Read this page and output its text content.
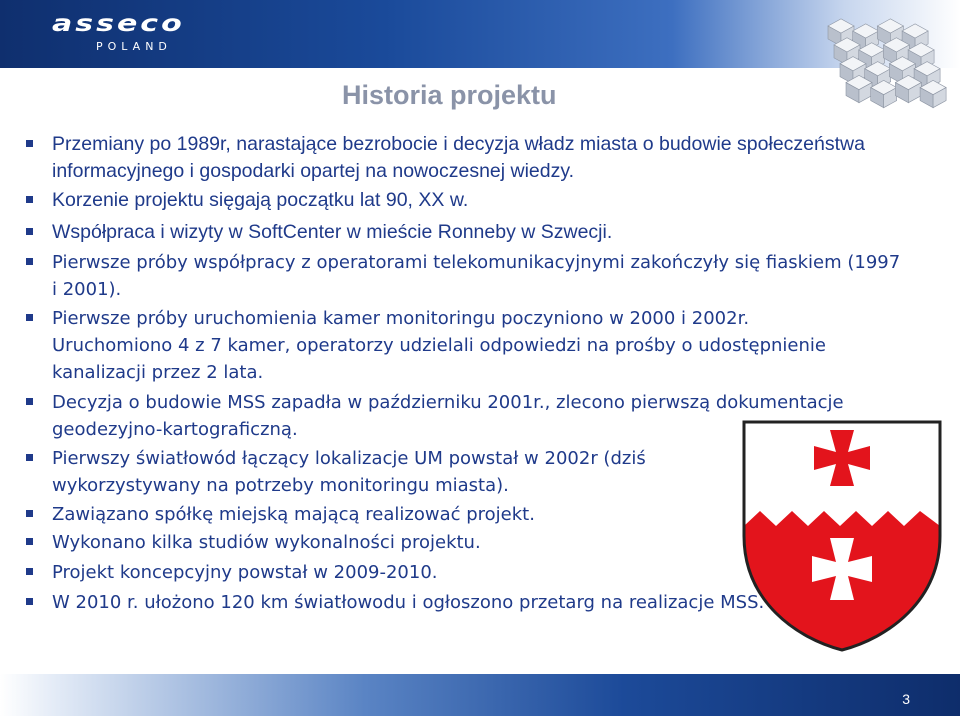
asseco
POLAND
Historia projektu
Przemiany po 1989r, narastające bezrobocie i decyzja władz miasta o budowie społeczeństwa informacyjnego i gospodarki opartej na nowoczesnej wiedzy.
Korzenie projektu sięgają początku lat 90, XX w.
Współpraca i wizyty w SoftCenter w mieście Ronneby w Szwecji.
Pierwsze próby współpracy z operatorami telekomunikacyjnymi zakończyły się fiaskiem (1997 i 2001).
Pierwsze próby uruchomienia kamer monitoringu poczyniono w 2000 i 2002r. Uruchomiono 4 z 7 kamer, operatorzy udzielali odpowiedzi na prośby o udostępnienie kanalizacji przez 2 lata.
Decyzja o budowie MSS zapadła w październiku 2001r., zlecono pierwszą dokumentacje geodezyjno-kartograficzną.
Pierwszy światłowód łączący lokalizacje UM powstał w 2002r (dziś wykorzystywany na potrzeby monitoringu miasta).
Zawiązano spółkę miejską mającą realizować projekt.
Wykonano kilka studiów wykonalności projektu.
Projekt koncepcyjny powstał w 2009-2010.
W 2010 r. ułożono 120 km światłowodu i ogłoszono przetarg na realizacje MSS.
3
